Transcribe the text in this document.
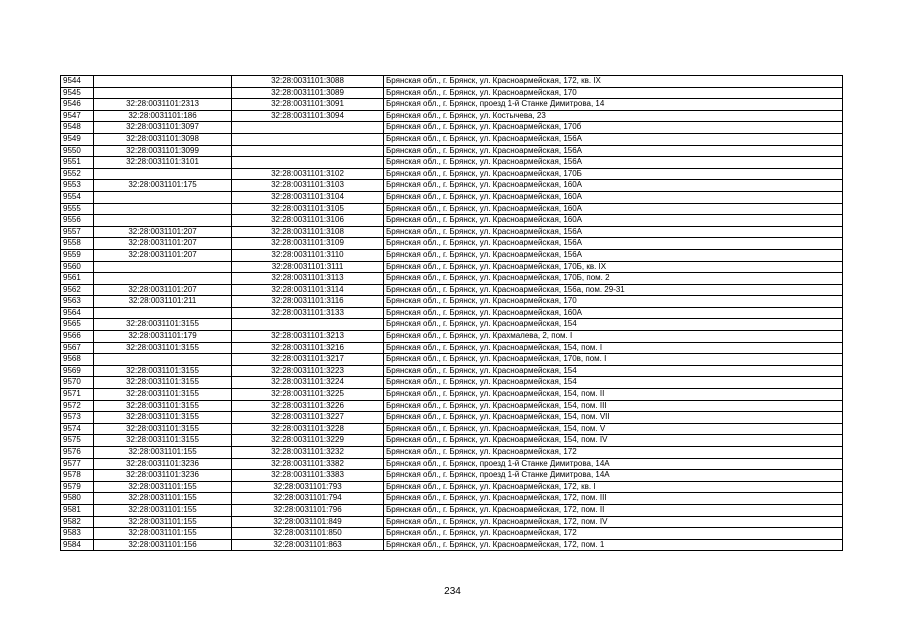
9544		32:28:0031101:3088	Брянская обл., г. Брянск, ул. Красноармейская, 172, кв. IX
9545		32:28:0031101:3089	Брянская обл., г. Брянск, ул. Красноармейская, 170
9546	32:28:0031101:2313	32:28:0031101:3091	Брянская обл., г. Брянск, проезд 1-й Станке Димитрова, 14
9547	32:28:0031101:186	32:28:0031101:3094	Брянская обл., г. Брянск, ул. Костычева, 23
9548	32:28:0031101:3097		Брянская обл., г. Брянск, ул. Красноармейская, 170б
9549	32:28:0031101:3098		Брянская обл., г. Брянск, ул. Красноармейская, 156А
9550	32:28:0031101:3099		Брянская обл., г. Брянск, ул. Красноармейская, 156А
9551	32:28:0031101:3101		Брянская обл., г. Брянск, ул. Красноармейская, 156А
9552		32:28:0031101:3102	Брянская обл., г. Брянск, ул. Красноармейская, 170Б
9553	32:28:0031101:175	32:28:0031101:3103	Брянская обл., г. Брянск, ул. Красноармейская, 160А
9554		32:28:0031101:3104	Брянская обл., г. Брянск, ул. Красноармейская, 160А
9555		32:28:0031101:3105	Брянская обл., г. Брянск, ул. Красноармейская, 160А
9556		32:28:0031101:3106	Брянская обл., г. Брянск, ул. Красноармейская, 160А
9557	32:28:0031101:207	32:28:0031101:3108	Брянская обл., г. Брянск, ул. Красноармейская, 156А
9558	32:28:0031101:207	32:28:0031101:3109	Брянская обл., г. Брянск, ул. Красноармейская, 156А
9559	32:28:0031101:207	32:28:0031101:3110	Брянская обл., г. Брянск, ул. Красноармейская, 156А
9560		32:28:0031101:3111	Брянская обл., г. Брянск, ул. Красноармейская, 170Б, кв. IX
9561		32:28:0031101:3113	Брянская обл., г. Брянск, ул. Красноармейская, 170Б, пом. 2
9562	32:28:0031101:207	32:28:0031101:3114	Брянская обл., г. Брянск, ул. Красноармейская, 156а, пом. 29-31
9563	32:28:0031101:211	32:28:0031101:3116	Брянская обл., г. Брянск, ул. Красноармейская, 170
9564		32:28:0031101:3133	Брянская обл., г. Брянск, ул. Красноармейская, 160А
9565	32:28:0031101:3155		Брянская обл., г. Брянск, ул. Красноармейская, 154
9566	32:28:0031101:179	32:28:0031101:3213	Брянская обл., г. Брянск, ул. Крахмалева, 2, пом. I
9567	32:28:0031101:3155	32:28:0031101:3216	Брянская обл., г. Брянск, ул. Красноармейская, 154, пом. I
9568		32:28:0031101:3217	Брянская обл., г. Брянск, ул. Красноармейская, 170в, пом. I
9569	32:28:0031101:3155	32:28:0031101:3223	Брянская обл., г. Брянск, ул. Красноармейская, 154
9570	32:28:0031101:3155	32:28:0031101:3224	Брянская обл., г. Брянск, ул. Красноармейская, 154
9571	32:28:0031101:3155	32:28:0031101:3225	Брянская обл., г. Брянск, ул. Красноармейская, 154, пом. II
9572	32:28:0031101:3155	32:28:0031101:3226	Брянская обл., г. Брянск, ул. Красноармейская, 154, пом. III
9573	32:28:0031101:3155	32:28:0031101:3227	Брянская обл., г. Брянск, ул. Красноармейская, 154, пом. VII
9574	32:28:0031101:3155	32:28:0031101:3228	Брянская обл., г. Брянск, ул. Красноармейская, 154, пом. V
9575	32:28:0031101:3155	32:28:0031101:3229	Брянская обл., г. Брянск, ул. Красноармейская, 154, пом. IV
9576	32:28:0031101:155	32:28:0031101:3232	Брянская обл., г. Брянск, ул. Красноармейская, 172
9577	32:28:0031101:3236	32:28:0031101:3382	Брянская обл., г. Брянск, проезд 1-й Станке Димитрова, 14А
9578	32:28:0031101:3236	32:28:0031101:3383	Брянская обл., г. Брянск, проезд 1-й Станке Димитрова, 14А
9579	32:28:0031101:155	32:28:0031101:793	Брянская обл., г. Брянск, ул. Красноармейская, 172, кв. I
9580	32:28:0031101:155	32:28:0031101:794	Брянская обл., г. Брянск, ул. Красноармейская, 172, пом. III
9581	32:28:0031101:155	32:28:0031101:796	Брянская обл., г. Брянск, ул. Красноармейская, 172, пом. II
9582	32:28:0031101:155	32:28:0031101:849	Брянская обл., г. Брянск, ул. Красноармейская, 172, пом. IV
9583	32:28:0031101:155	32:28:0031101:850	Брянская обл., г. Брянск, ул. Красноармейская, 172
9584	32:28:0031101:156	32:28:0031101:863	Брянская обл., г. Брянск, ул. Красноармейская, 172, пом. 1
234
